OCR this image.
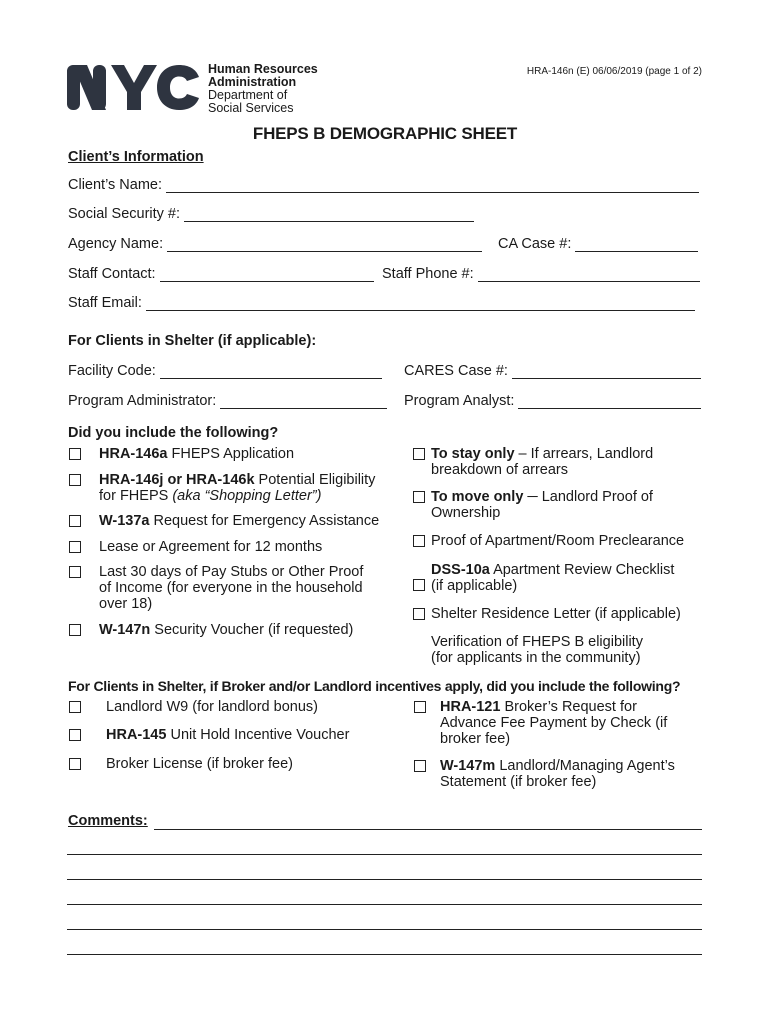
Human Resources
Administration
Department of
Social Services
HRA-146n (E) 06/06/2019 (page 1 of 2)
FHEPS B DEMOGRAPHIC SHEET
Client’s Information
Client’s Name:
Social Security #:
Agency Name:	CA Case #:
Staff Contact:	Staff Phone #:
Staff Email:
For Clients in Shelter (if applicable):
Facility Code:	CARES Case #:
Program Administrator:	Program Analyst:
Did you include the following?
HRA-146a FHEPS Application
HRA-146j or HRA-146k Potential Eligibility
for FHEPS (aka “Shopping Letter”)
W-137a Request for Emergency Assistance
Lease or Agreement for 12 months
Last 30 days of Pay Stubs or Other Proof
of Income (for everyone in the household
over 18)
W-147n Security Voucher (if requested)
To stay only – If arrears, Landlord
breakdown of arrears
To move only ─ Landlord Proof of
Ownership
Proof of Apartment/Room Preclearance
DSS-10a Apartment Review Checklist
(if applicable)
Shelter Residence Letter (if applicable)
Verification of FHEPS B eligibility
(for applicants in the community)
For Clients in Shelter, if Broker and/or Landlord incentives apply, did you include the following?
Landlord W9 (for landlord bonus)
HRA-145 Unit Hold Incentive Voucher
Broker License (if broker fee)
HRA-121 Broker’s Request for
Advance Fee Payment by Check (if
broker fee)
W-147m Landlord/Managing Agent’s
Statement (if broker fee)
Comments:
